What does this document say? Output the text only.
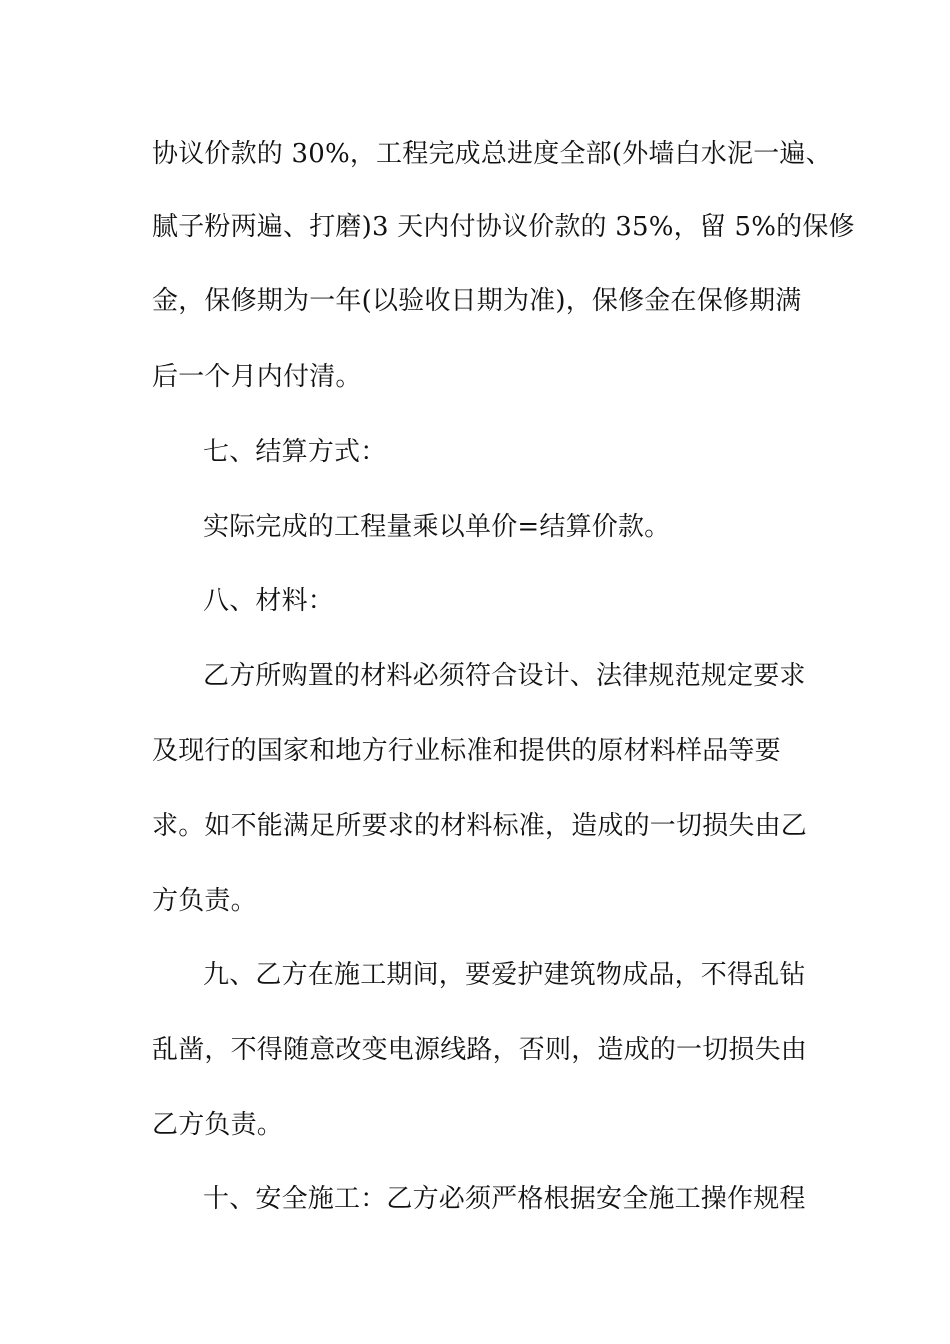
协议价款的 30%，工程完成总进度全部(外墙白水泥一遍、
腻子粉两遍、打磨)3 天内付协议价款的 35%，留 5%的保修
金，保修期为一年(以验收日期为准)，保修金在保修期满
后一个月内付清。
七、结算方式：
实际完成的工程量乘以单价=结算价款。
八、材料：
乙方所购置的材料必须符合设计、法律规范规定要求
及现行的国家和地方行业标准和提供的原材料样品等要
求。如不能满足所要求的材料标准，造成的一切损失由乙
方负责。
九、乙方在施工期间，要爱护建筑物成品，不得乱钻
乱凿，不得随意改变电源线路，否则，造成的一切损失由
乙方负责。
十、安全施工：乙方必须严格根据安全施工操作规程
